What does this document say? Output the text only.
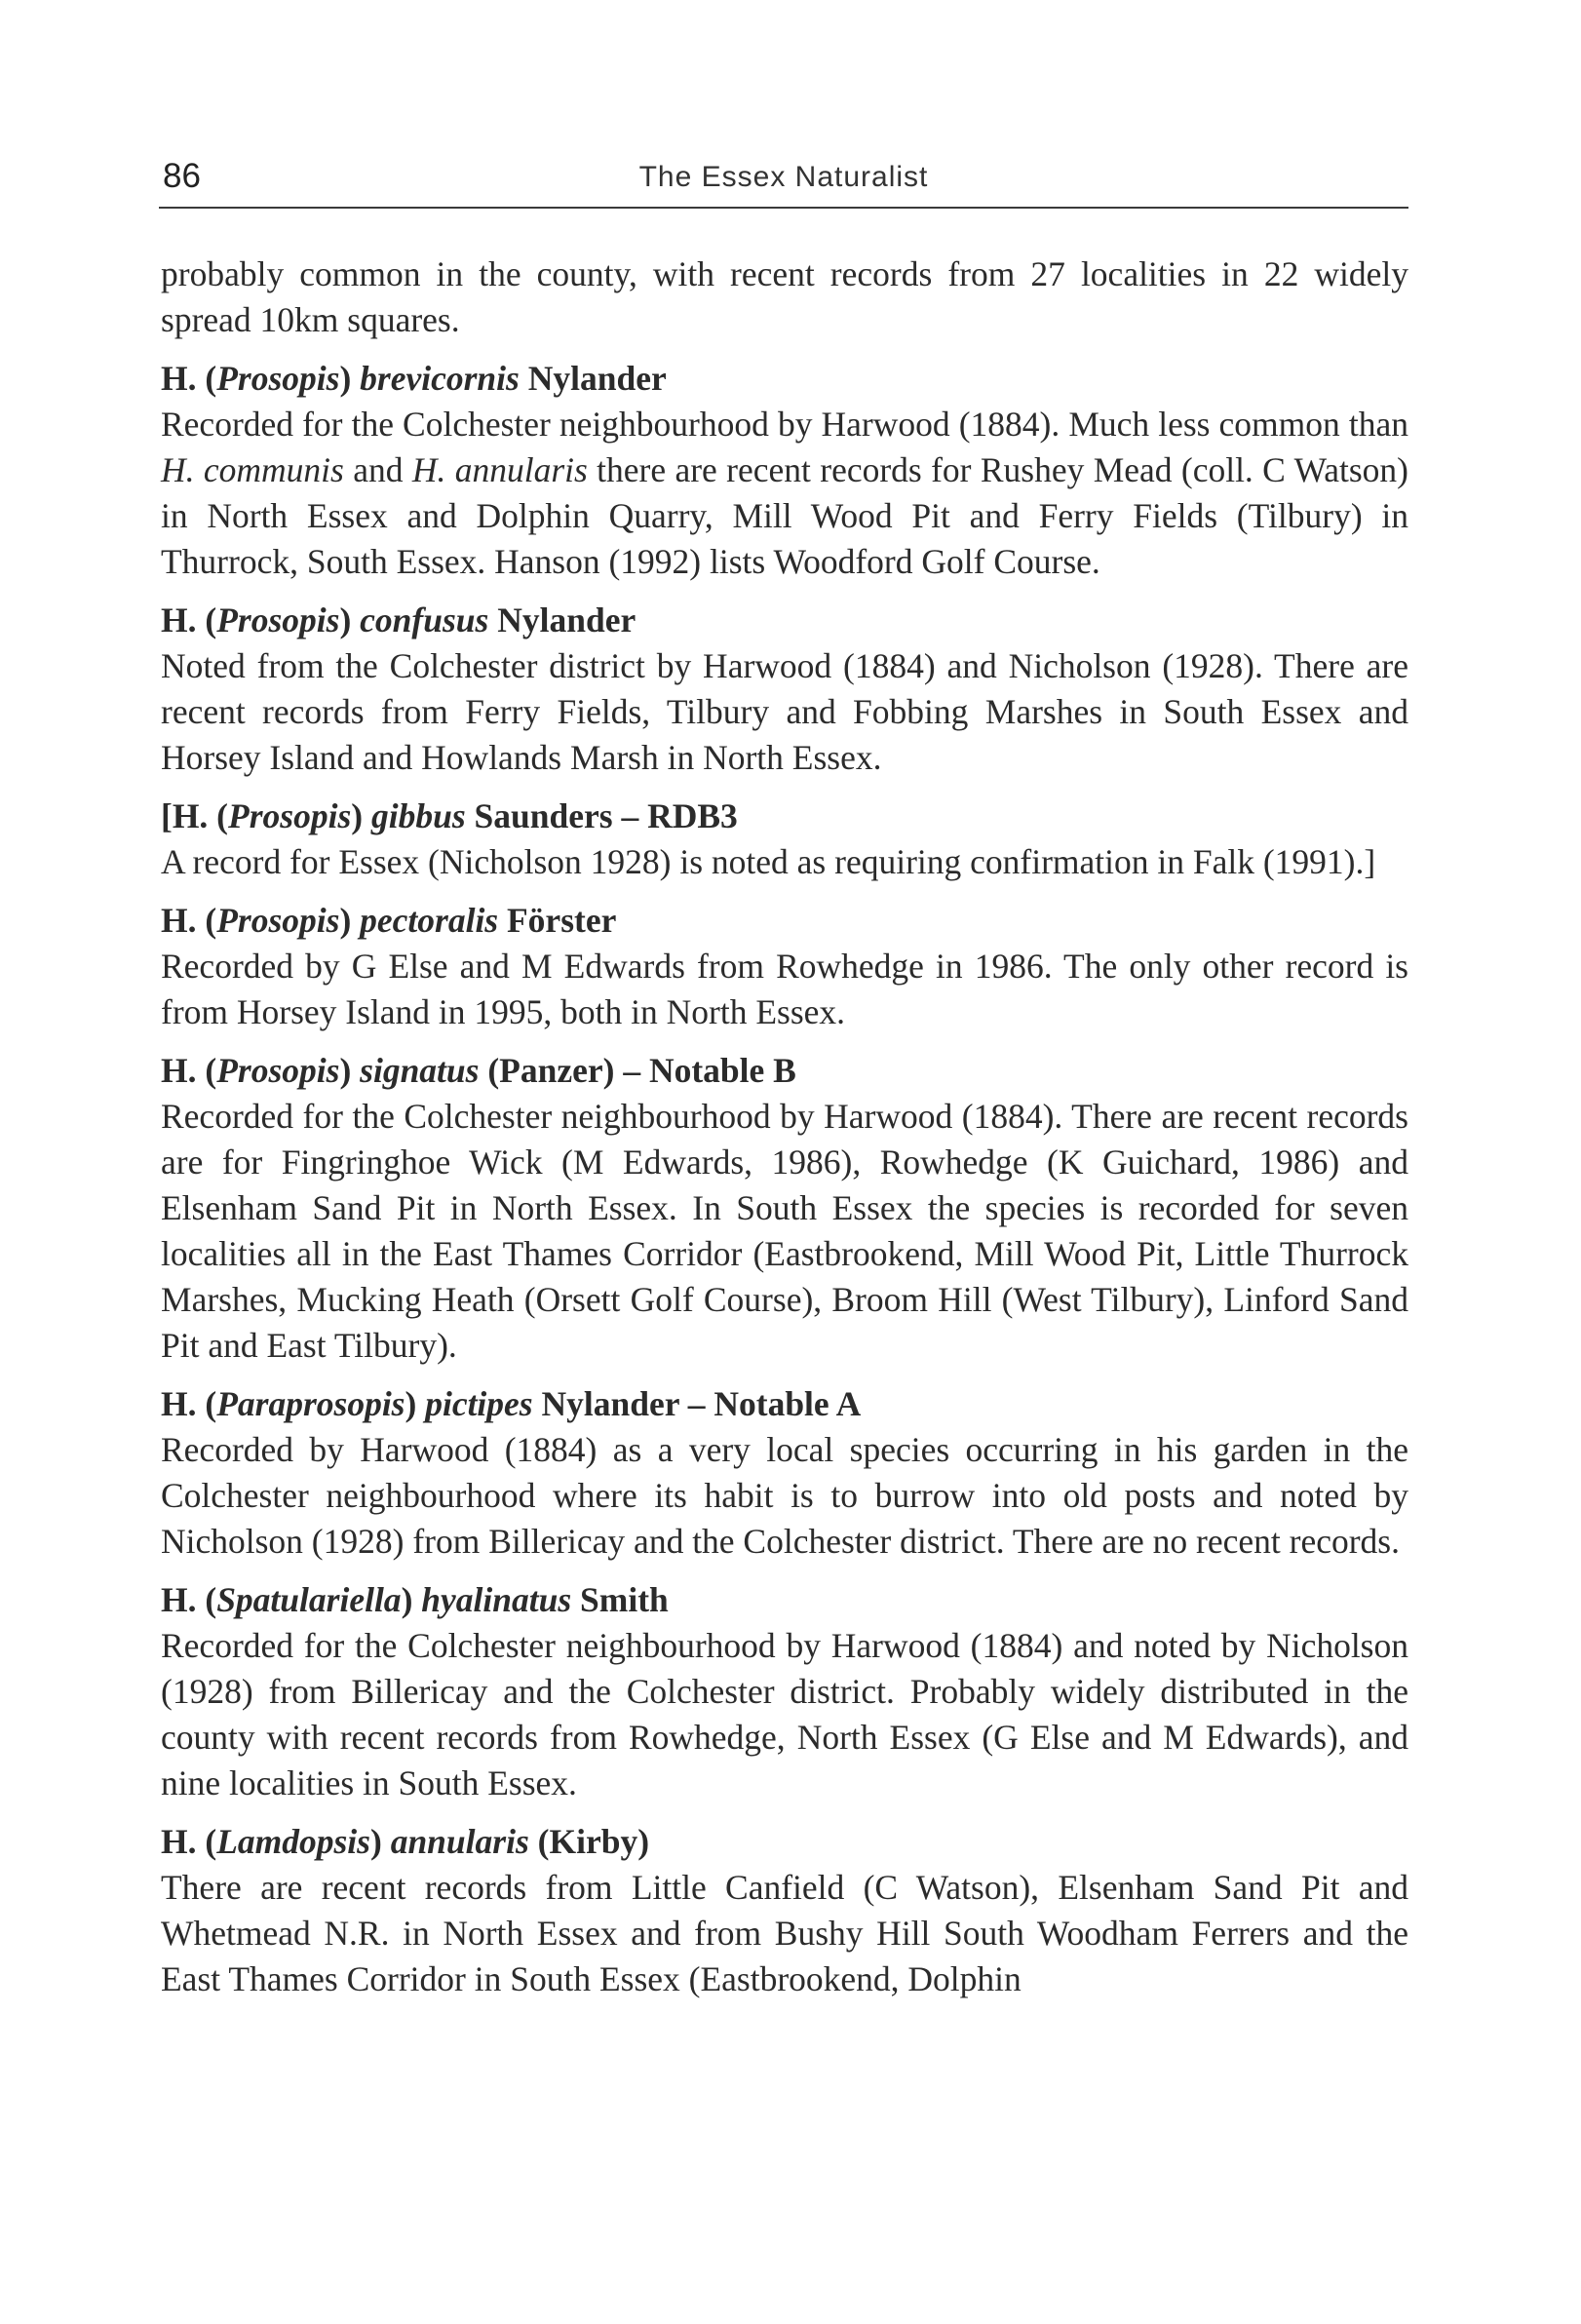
86	The Essex Naturalist

probably common in the county, with recent records from 27 localities in 22 widely spread 10km squares.

H. (Prosopis) brevicornis Nylander

Recorded for the Colchester neighbourhood by Harwood (1884). Much less common than H. communis and H. annularis there are recent records for Rushey Mead (coll. C Watson) in North Essex and Dolphin Quarry, Mill Wood Pit and Ferry Fields (Tilbury) in Thurrock, South Essex. Hanson (1992) lists Woodford Golf Course.

H. (Prosopis) confusus Nylander

Noted from the Colchester district by Harwood (1884) and Nicholson (1928). There are recent records from Ferry Fields, Tilbury and Fobbing Marshes in South Essex and Horsey Island and Howlands Marsh in North Essex.

[H. (Prosopis) gibbus Saunders – RDB3

A record for Essex (Nicholson 1928) is noted as requiring confirmation in Falk (1991).]

H. (Prosopis) pectoralis Förster

Recorded by G Else and M Edwards from Rowhedge in 1986. The only other record is from Horsey Island in 1995, both in North Essex.

H. (Prosopis) signatus (Panzer) – Notable B

Recorded for the Colchester neighbourhood by Harwood (1884). There are recent records are for Fingringhoe Wick (M Edwards, 1986), Rowhedge (K Guichard, 1986) and Elsenham Sand Pit in North Essex. In South Essex the species is recorded for seven localities all in the East Thames Corridor (Eastbrookend, Mill Wood Pit, Little Thurrock Marshes, Mucking Heath (Orsett Golf Course), Broom Hill (West Tilbury), Linford Sand Pit and East Tilbury).

H. (Paraprosopis) pictipes Nylander – Notable A

Recorded by Harwood (1884) as a very local species occurring in his garden in the Colchester neighbourhood where its habit is to burrow into old posts and noted by Nicholson (1928) from Billericay and the Colchester district. There are no recent records.

H. (Spatulariella) hyalinatus Smith

Recorded for the Colchester neighbourhood by Harwood (1884) and noted by Nicholson (1928) from Billericay and the Colchester district. Probably widely distributed in the county with recent records from Rowhedge, North Essex (G Else and M Edwards), and nine localities in South Essex.

H. (Lamdopsis) annularis (Kirby)

There are recent records from Little Canfield (C Watson), Elsenham Sand Pit and Whetmead N.R. in North Essex and from Bushy Hill South Woodham Ferrers and the East Thames Corridor in South Essex (Eastbrookend, Dolphin
